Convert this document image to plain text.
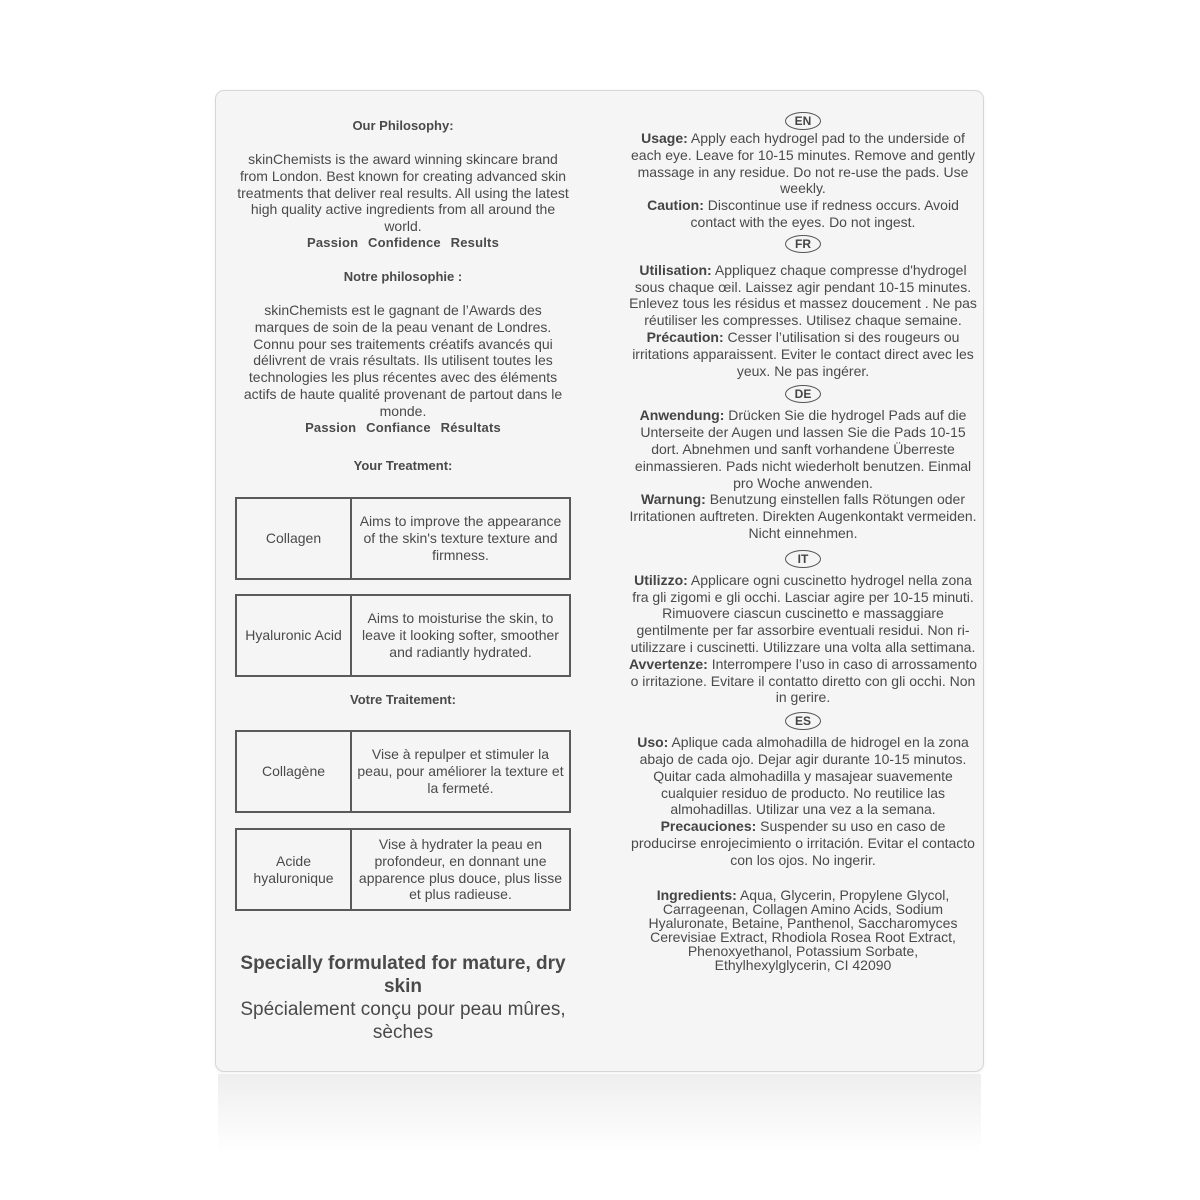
Our Philosophy:

skinChemists is the award winning skincare brand from London. Best known for creating advanced skin treatments that deliver real results. All using the latest high quality active ingredients from all around the world.

Passion Confidence Results

Notre philosophie :

skinChemists est le gagnant de l’Awards des marques de soin de la peau venant de Londres. Connu pour ses traitements créatifs avancés qui délivrent de vrais résultats. Ils utilisent toutes les technologies les plus récentes avec des éléments actifs de haute qualité provenant de partout dans le monde.

Passion Confiance Résultats

Your Treatment:

Collagen
Aims to improve the appearance of the skin's texture texture and firmness.
Hyaluronic Acid
Aims to moisturise the skin, to leave it looking softer, smoother and radiantly hydrated.

Votre Traitement:

Collagène
Vise à repulper et stimuler la peau, pour améliorer la texture et la fermeté.
Acide hyaluronique
Vise à hydrater la peau en profondeur, en donnant une apparence plus douce, plus lisse et plus radieuse.
Specially formulated for mature, dry skin
Spécialement conçu pour peau mûres, sèches

EN

Usage: Apply each hydrogel pad to the underside of each eye. Leave for 10-15 minutes. Remove and gently massage in any residue. Do not re-use the pads. Use weekly.

Caution: Discontinue use if redness occurs. Avoid contact with the eyes. Do not ingest.

FR

Utilisation: Appliquez chaque compresse d'hydrogel sous chaque œil. Laissez agir pendant 10-15 minutes. Enlevez tous les résidus et massez doucement . Ne pas réutiliser les compresses. Utilisez chaque semaine.

Précaution: Cesser l’utilisation si des rougeurs ou irritations apparaissent. Eviter le contact direct avec les yeux. Ne pas ingérer.

DE

Anwendung: Drücken Sie die hydrogel Pads auf die Unterseite der Augen und lassen Sie die Pads 10-15 dort. Abnehmen und sanft vorhandene Überreste einmassieren. Pads nicht wiederholt benutzen. Einmal pro Woche anwenden.

Warnung: Benutzung einstellen falls Rötungen oder Irritationen auftreten. Direkten Augenkontakt vermeiden. Nicht einnehmen.

IT

Utilizzo: Applicare ogni cuscinetto hydrogel nella zona fra gli zigomi e gli occhi. Lasciar agire per 10-15 minuti. Rimuovere ciascun cuscinetto e massaggiare gentilmente per far assorbire eventuali residui. Non ri-utilizzare i cuscinetti. Utilizzare una volta alla settimana.

Avvertenze: Interrompere l’uso in caso di arrossamento o irritazione. Evitare il contatto diretto con gli occhi. Non in gerire.

ES

Uso: Aplique cada almohadilla de hidrogel en la zona abajo de cada ojo. Dejar agir durante 10-15 minutos. Quitar cada almohadilla y masajear suavemente cualquier residuo de producto. No reutilice las almohadillas. Utilizar una vez a la semana.

Precauciones: Suspender su uso en caso de producirse enrojecimiento o irritación. Evitar el contacto con los ojos. No ingerir.

Ingredients: Aqua, Glycerin, Propylene Glycol, Carrageenan, Collagen Amino Acids, Sodium Hyaluronate, Betaine, Panthenol, Saccharomyces Cerevisiae Extract, Rhodiola Rosea Root Extract, Phenoxyethanol, Potassium Sorbate, Ethylhexylglycerin, CI 42090
